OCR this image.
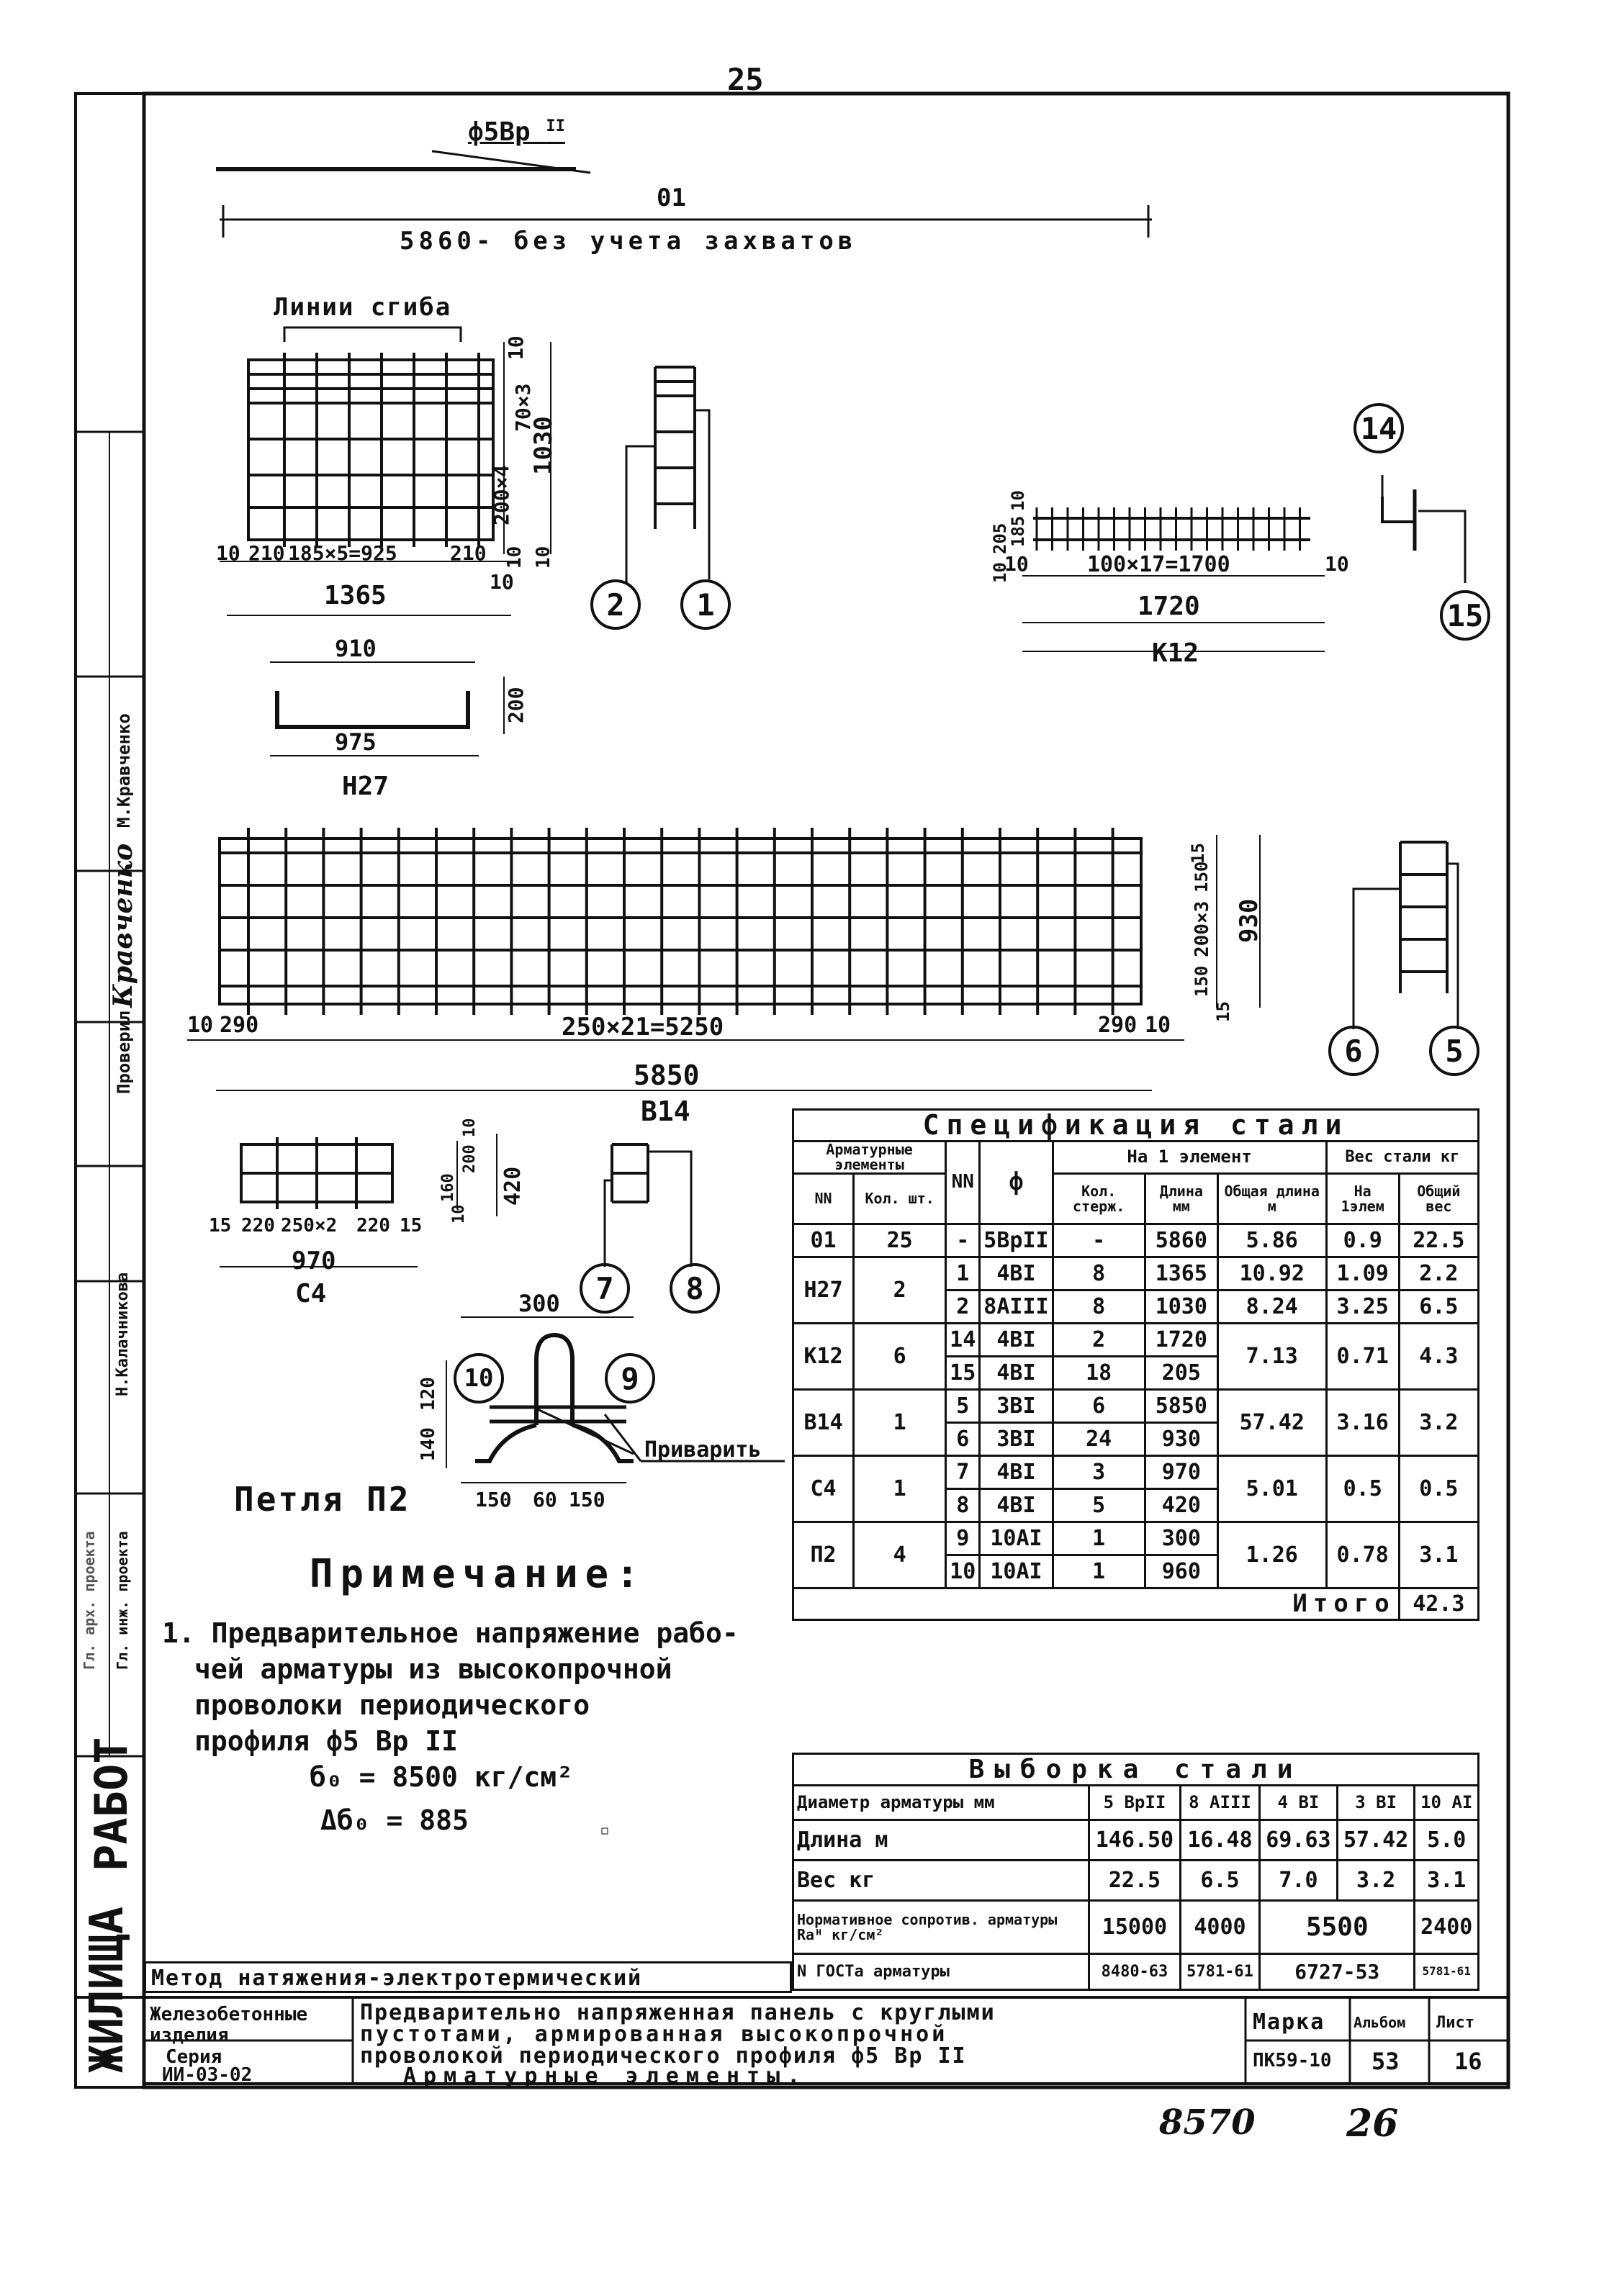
25
ф5Вр $^{II}$
01
5860- без учета захватов
Линии сгиба
10 210 185×5=925	210
10
1365
10
200×4
70×3
1030
10 10
910
975
200
Н27
205
185
10
10
10	100×17=1700	10
1720
К12
10 290	250×21=5250	290 10
5850
В14
15
150
200×3
150
15
930
15 220 250×2 220 15
970
С4
10
200
160
10
420
300
Приварить
120
140
150 60 150
Петля П2
2	1
14
15
6	5
7	8
10	9
Примечание:
1. Предварительное напряжение рабо-
чей арматуры из высокопрочной
проволоки периодического
профиля ф5 Вр II
б₀ = 8500 кг/см²
Δб₀ = 885
Спецификация стали								
Арматурные элементы		NN	ф	На 1 элемент			Вес стали кг	
NN	Кол. шт.			Кол. стерж.	Длина мм	Общая длина м	На 1элем	Общий вес
01	25	-	5ВрII	-	5860	5.86	0.9	22.5
Н27	2	1	4BI	8	1365	10.92	1.09	2.2
		2	8AIII	8	1030	8.24	3.25	6.5
К12	6	14	4BI	2	1720	7.13	0.71	4.3
		15	4BI	18	205			
В14	1	5	3BI	6	5850	57.42	3.16	3.2
		6	3BI	24	930			
С4	1	7	4BI	3	970	5.01	0.5	0.5
		8	4BI	5	420			
П2	4	9	10AI	1	300	1.26	0.78	3.1
		10	10AI	1	960			
Итого								42.3
Выборка стали					
Диаметр арматуры мм	5 ВрII	8 АIII	4 ВI	3 ВI	10 AI
Длина м	146.50	16.48	69.63	57.42	5.0
Вес кг	22.5	6.5	7.0	3.2	3.1
Нормативное сопротив. арматуры Rаᴴ кг/см²	15000	4000	5500		2400
N ГОСТа арматуры	8480-63	5781-61	6727-53		5781-61
Метод натяжения-электротермический
Железобетонные изделия
Серия
ИИ-03-02
Предварительно напряженная панель с круглыми
пустотами, армированная высокопрочной
проволокой периодического профиля ф5 Вр II
Арматурные элементы.
Марка Альбом Лист
ПК59-10 53 16
ЖИЛИЩА
РАБОТ
Гл. инж. проекта
Гл. арх. проекта
Проверил
М.Кравченко
Н.Калачникова
Кравченко
8570 26
